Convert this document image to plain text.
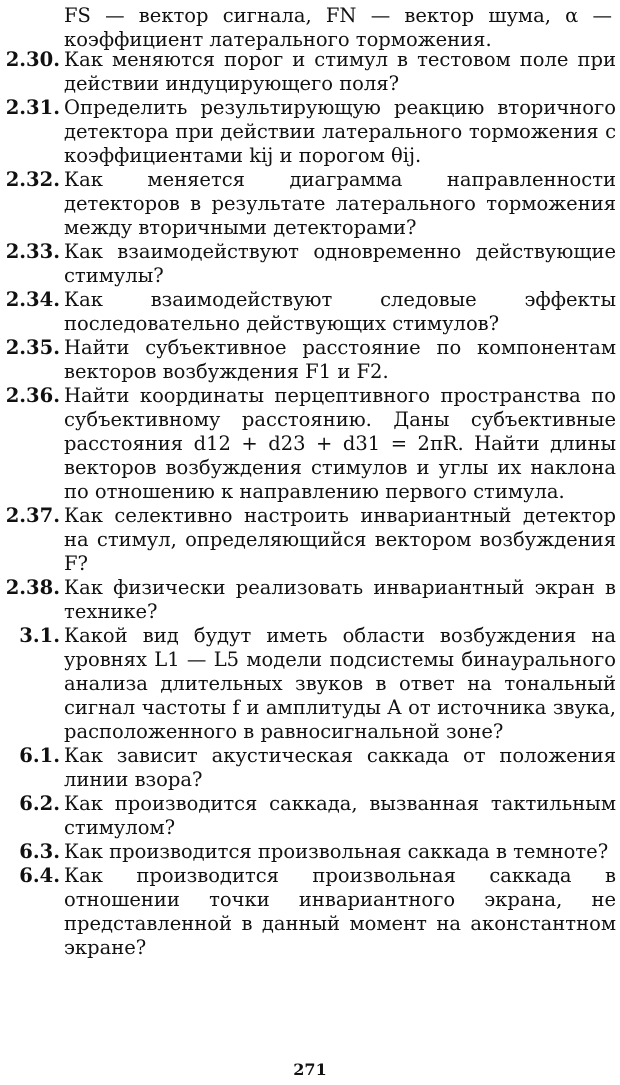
FS — вектор сигнала, FN — вектор шума, α — коэффициент латерального торможения.

2.30. Как меняются порог и стимул в тестовом поле при действии индуцирующего поля?
2.31. Определить результирующую реакцию вторичного детектора при действии латерального торможения с коэффициентами kij и порогом θij.
2.32. Как меняется диаграмма направленности детекторов в результате латерального торможения между вторичными детекторами?
2.33. Как взаимодействуют одновременно действующие стимулы?
2.34. Как взаимодействуют следовые эффекты последовательно действующих стимулов?
2.35. Найти субъективное расстояние по компонентам векторов возбуждения F1 и F2.
2.36. Найти координаты перцептивного пространства по субъективному расстоянию. Даны субъективные расстояния d12 + d23 + d31 = 2πR. Найти длины векторов возбуждения стимулов и углы их наклона по отношению к направлению первого стимула.
2.37. Как селективно настроить инвариантный детектор на стимул, определяющийся вектором возбуждения F?
2.38. Как физически реализовать инвариантный экран в технике?
3.1. Какой вид будут иметь области возбуждения на уровнях L1 — L5 модели подсистемы бинаурального анализа длительных звуков в ответ на тональный сигнал частоты f и амплитуды A от источника звука, расположенного в равносигнальной зоне?
6.1. Как зависит акустическая саккада от положения линии взора?
6.2. Как производится саккада, вызванная тактильным стимулом?
6.3. Как производится произвольная саккада в темноте?
6.4. Как производится произвольная саккада в отношении точки инвариантного экрана, не представленной в данный момент на аконстантном экране?
271
